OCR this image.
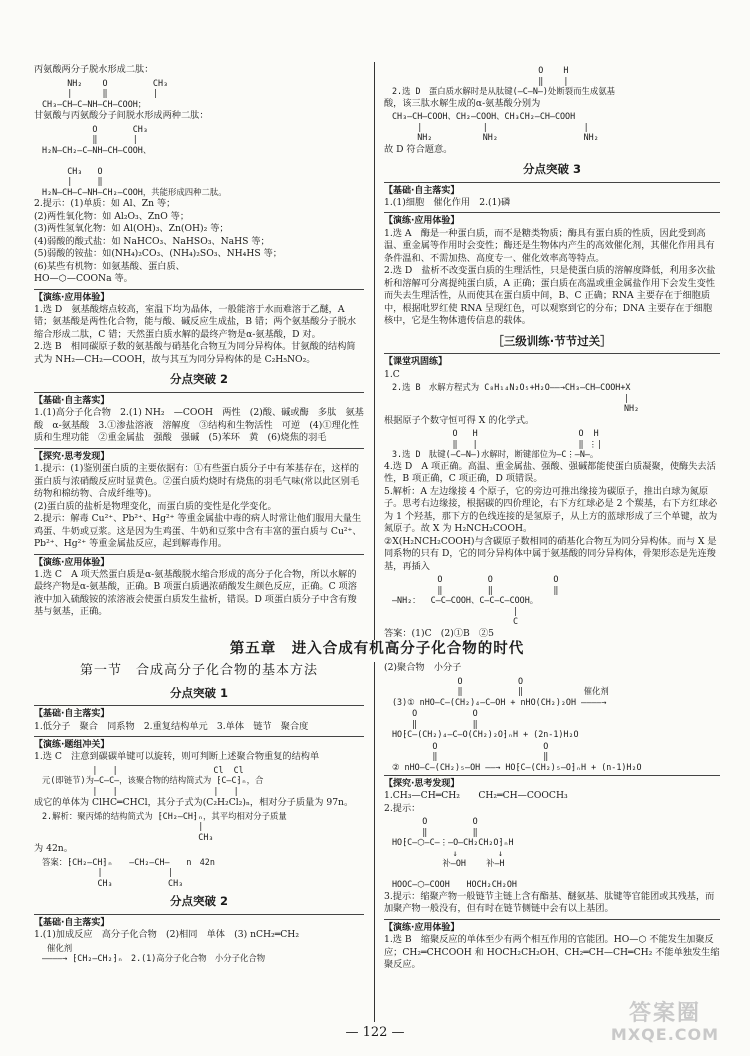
丙氨酸两分子脱水形成二肽：

NH₂    O         CH₃
|      ‖         |
CH₃—CH—C—NH—CH—COOH；

甘氨酸与丙氨酸分子间脱水形成两种二肽：

O       CH₃
‖       |
H₂N—CH₂—C—NH—CH—COOH、

CH₃   O
|     ‖
H₂N—CH—C—NH—CH₂—COOH，共能形成四种二肽。

2.提示：(1)单质：如 Al、Zn 等；

(2)两性氧化物：如 Al₂O₃、ZnO 等；

(3)两性氢氧化物：如 Al(OH)₃、Zn(OH)₂ 等；

(4)弱酸的酸式盐：如 NaHCO₃、NaHSO₃、NaHS 等；

(5)弱酸的铵盐：如(NH₄)₂CO₃、(NH₄)₂SO₃、NH₄HS 等；

(6)某些有机物：如氨基酸、蛋白质、

HO—⬡—COONa 等。

【演练·应用体验】

1.选 D　氨基酸熔点较高，室温下均为晶体，一般能溶于水而难溶于乙醚，A 错；氨基酸是两性化合物，能与酸、碱反应生成盐，B 错；两个氨基酸分子脱水缩合形成二肽，C 错；天然蛋白质水解的最终产物是α-氨基酸，D 对。

2.选 B　相同碳原子数的氨基酸与硝基化合物互为同分异构体。甘氨酸的结构简式为 NH₂—CH₂—COOH，故与其互为同分异构体的是 C₂H₅NO₂。

分点突破 2
【基础·自主落实】

1.(1)高分子化合物　2.(1) NH₂　—COOH　两性　(2)酸、碱或酶　多肽　氨基酸　α-氨基酸　3.①渗盐溶液　溶解度　③结构和生物活性　可逆　(4)①理化性质和生理功能　②重金属盐　强酸　强碱　(5)苯环　黄　(6)烧焦的羽毛

【探究·思考发现】

1.提示：(1)鉴别蛋白质的主要依据有：①有些蛋白质分子中有苯基存在，这样的蛋白质与浓硝酸反应时显黄色。②蛋白质灼烧时有烧焦的羽毛气味(常以此区别毛纺物和棉纺物、合成纤维等)。

(2)蛋白质的盐析是物理变化，而蛋白质的变性是化学变化。

2.提示：解毒 Cu²⁺、Pb²⁺、Hg²⁺ 等重金属盐中毒的病人时常让他们服用大量生鸡蛋、牛奶或豆浆。这是因为生鸡蛋、牛奶和豆浆中含有丰富的蛋白质与 Cu²⁺、Pb²⁺、Hg²⁺ 等重金属盐反应，起到解毒作用。

【演练·应用体验】

1.选 C　A 项天然蛋白质是α-氨基酸脱水缩合形成的高分子化合物，所以水解的最终产物是α-氨基酸，正确。B 项蛋白质遇浓硝酸发生颜色反应，正确。C 项溶液中加入硫酸铵的浓溶液会使蛋白质发生盐析，错误。D 项蛋白质分子中含有羧基与氨基，正确。

O    H
‖    |
2.选 D　蛋白质水解时是从肽键(—C—N—)处断裂而生成氨基

酸，该三肽水解生成的α-氨基酸分别为

CH₃—CH—COOH、CH₂—COOH、CH₃CH₂—CH—COOH
|            |                   |
NH₂          NH₂                 NH₂

故 D 符合题意。

分点突破 3
【基础·自主落实】

1.(1)细胞　催化作用　2.(1)磷

【演练·应用体验】

1.选 A　酶是一种蛋白质，而不是糖类物质；酶具有蛋白质的性质，因此受到高温、重金属等作用时会变性；酶还是生物体内产生的高效催化剂，其催化作用具有条件温和、不需加热、高度专一、催化效率高等特点。

2.选 D　盐析不改变蛋白质的生理活性，只是使蛋白质的溶解度降低，利用多次盐析和溶解可分离提纯蛋白质，A 正确；蛋白质在高温或重金属盐作用下会发生变性而失去生理活性，从而使其在蛋白质中间，B、C 正确；RNA 主要存在于细胞质中，根据吡罗红使 RNA 呈现红色，可以观察到它的分布；DNA 主要存在于细胞核中，它是生物体遗传信息的载体。

［三级训练·节节过关］
【课堂巩固练】

1.C

2.选 B　水解方程式为 C₈H₁₄N₂O₅+H₂O——→CH₃—CH—COOH+X
|
NH₂

根据原子个数守恒可得 X 的化学式。

O   H                    O  H
‖   |                    ‖ ⋮|
3.选 D　肽键(—C—N—)水解时，断键部位为—C⋮—N—。

4.选 D　A 项正确。高温、重金属盐、强酸、强碱都能使蛋白质凝聚，使酶失去活性，B 项正确，C 项正确，D 项错误。

5.解析：A 左边缘接 4 个原子，它的旁边可推出缘接为碳原子，推出白球为氮原子。思考右边缘接，根据碳的四价理论，右下方红球必是 2 个羰基，右下方红球必为 1 个羟基，那下方的色线连接的是氢原子，从上方的蓝球形成了三个单键，故为氮原子。故 X 为 H₂NCH₂COOH。

②X(H₂NCH₂COOH)与含碳原子数相同的硝基化合物互为同分异构体。而与 X 是同系物的只有 D，它的同分异构体中属于氨基酸的同分异构体，骨架形态是先连羧基，再插入

O         O            O
‖         ‖            ‖
—NH₂：  C—C—COOH、C—C—C—COOH。
|
C

答案：(1)C　(2)①B　②5

第五章　进入合成有机高分子化合物的时代
第一节　合成高分子化合物的基本方法
分点突破 1
【基础·自主落实】

1.低分子　聚合　同系物　2.重复结构单元　3.单体　链节　聚合度

【演练·题组冲关】

1.选 C　注意到碳碳单键可以旋转，则可判断上述聚合物重复的结构单

|   |                   Cl  Cl
元(即链节)为—C—C—，该聚合物的结构简式为 ⁅C—C⁆ₙ，合
|   |                   |   |

成它的单体为 ClHC═CHCl，其分子式为(C₂H₂Cl₂)ₙ，相对分子质量为 97n。

2.解析：聚丙烯的结构简式为 ⁅CH₂—CH⁆ₙ，其平均相对分子质量
|
CH₃

为 42n。

答案：⁅CH₂—CH⁆ₙ　　—CH₂—CH—　　n　42n
|             |
CH₃           CH₃
分点突破 2
【基础·自主落实】

1.(1)加成反应　高分子化合物　(2)相同　单体　(3) nCH₂═CH₂

催化剂
————→ ⁅CH₂—CH₂⁆ₙ　2.(1)高分子化合物　小分子化合物

(2)聚合物　小分子

O           O
‖           ‖            催化剂
(3)① nHO—C—(CH₂)₄—C—OH + nHO(CH₂)₂OH ————→
O           O
‖           ‖
HO⁅C—(CH₂)₄—C—O(CH₂)₂O⁆ₙH + (2n-1)H₂O
O                     O
‖                     ‖
② nHO—C—(CH₂)₅—OH ——→ HO⁅C—(CH₂)₅—O⁆ₙH + (n-1)H₂O
【探究·思考发现】

1.CH₃—CH═CH₂　　CH₂═CH—COOCH₃

2.提示：

O         O
‖         ‖
HO⁅C—⬡—C—⋮—O—CH₂CH₂O⁆ₙH
↓        ↓
补—OH    补—H

HOOC—⬡—COOH　　HOCH₂CH₂OH

3.提示：缩聚产物一般链节主链上含有酯基、醚氨基、肽键等官能团或其残基，而加聚产物一般没有，但有时在链节侧链中会有以上基团。

【演练·应用体验】

1.选 B　缩聚反应的单体至少有两个相互作用的官能团。HO—⬡ 不能发生加聚反应；CH₂═CHCOOH 和 HOCH₂CH₂OH、CH₂═CH—CH═CH₂ 不能单独发生缩聚反应。

— 122 —
答案圈
MXQE.COM
